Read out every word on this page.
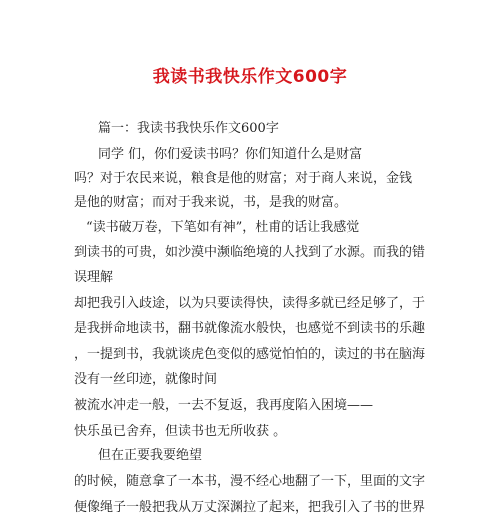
我读书我快乐作文600字
篇一：我读书我快乐作文600字
同学 们，你们爱读书吗？你们知道什么是财富
吗？对于农民来说，粮食是他的财富；对于商人来说，金钱
是他的财富；而对于我来说，书，是我的财富。
“读书破万卷，下笔如有神”，杜甫的话让我感觉
到读书的可贵，如沙漠中濒临绝境的人找到了水源。而我的错
误理解
却把我引入歧途，以为只要读得快，读得多就已经足够了，于
是我拼命地读书，翻书就像流水般快，也感觉不到读书的乐趣
，一提到书，我就谈虎色变似的感觉怕怕的，读过的书在脑海
没有一丝印迹，就像时间
被流水冲走一般，一去不复返，我再度陷入困境——
快乐虽已舍弃，但读书也无所收获 。
但在正要我要绝望
的时候，随意拿了一本书，漫不经心地翻了一下，里面的文字
便像绳子一般把我从万丈深渊拉了起来，把我引入了书的世界
